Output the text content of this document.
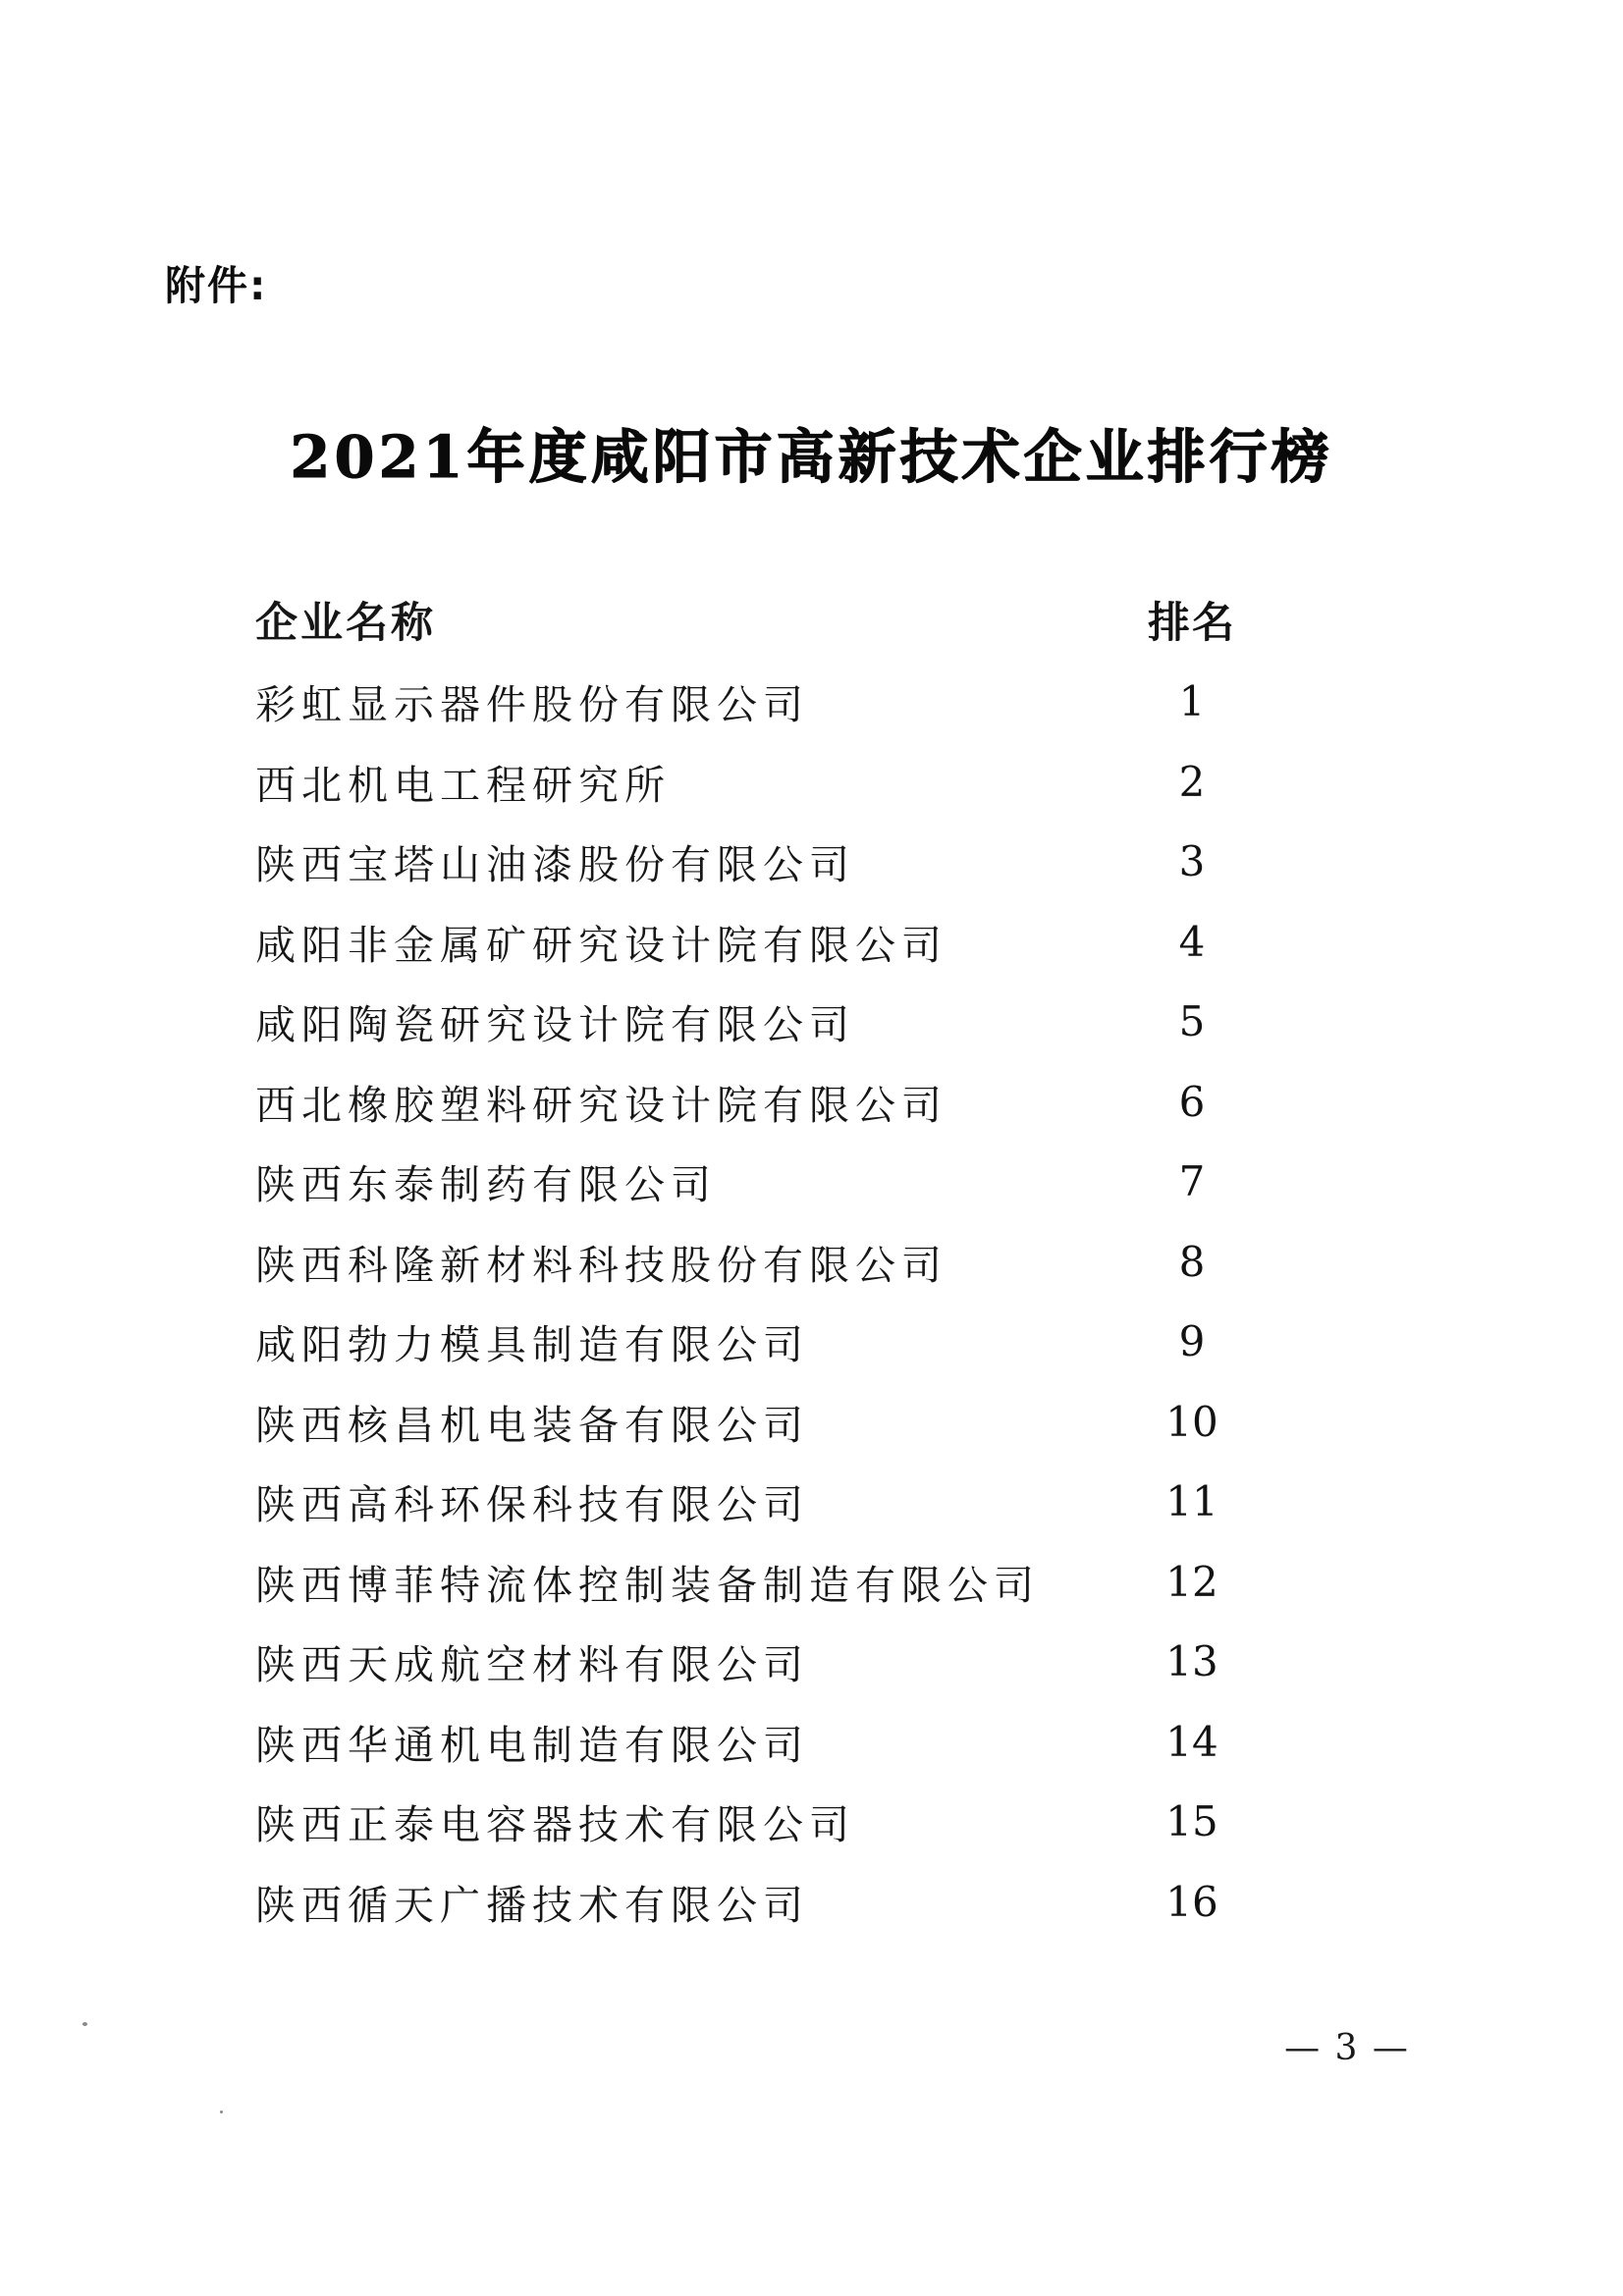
附件:
2021年度咸阳市高新技术企业排行榜
企业名称	排名
彩虹显示器件股份有限公司	1
西北机电工程研究所	2
陕西宝塔山油漆股份有限公司	3
咸阳非金属矿研究设计院有限公司	4
咸阳陶瓷研究设计院有限公司	5
西北橡胶塑料研究设计院有限公司	6
陕西东泰制药有限公司	7
陕西科隆新材料科技股份有限公司	8
咸阳勃力模具制造有限公司	9
陕西核昌机电装备有限公司	10
陕西高科环保科技有限公司	11
陕西博菲特流体控制装备制造有限公司	12
陕西天成航空材料有限公司	13
陕西华通机电制造有限公司	14
陕西正泰电容器技术有限公司	15
陕西循天广播技术有限公司	16
— 3 —
